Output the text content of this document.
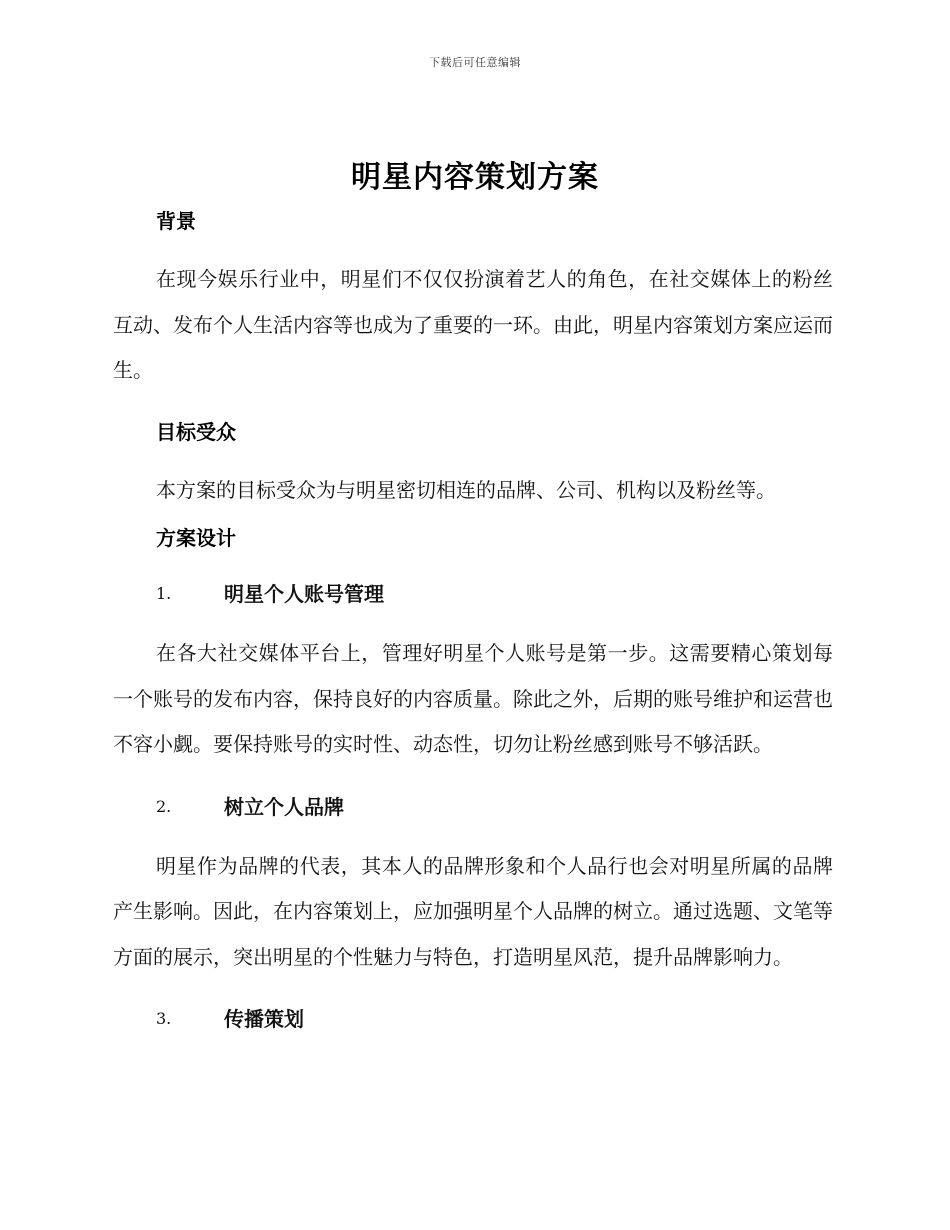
下载后可任意编辑
明星内容策划方案
背景
在现今娱乐行业中，明星们不仅仅扮演着艺人的角色，在社交媒体上的粉丝互动、发布个人生活内容等也成为了重要的一环。由此，明星内容策划方案应运而生。
目标受众
本方案的目标受众为与明星密切相连的品牌、公司、机构以及粉丝等。
方案设计
1.	明星个人账号管理
在各大社交媒体平台上，管理好明星个人账号是第一步。这需要精心策划每一个账号的发布内容，保持良好的内容质量。除此之外，后期的账号维护和运营也不容小觑。要保持账号的实时性、动态性，切勿让粉丝感到账号不够活跃。
2.	树立个人品牌
明星作为品牌的代表，其本人的品牌形象和个人品行也会对明星所属的品牌产生影响。因此，在内容策划上，应加强明星个人品牌的树立。通过选题、文笔等方面的展示，突出明星的个性魅力与特色，打造明星风范，提升品牌影响力。
3.	传播策划
